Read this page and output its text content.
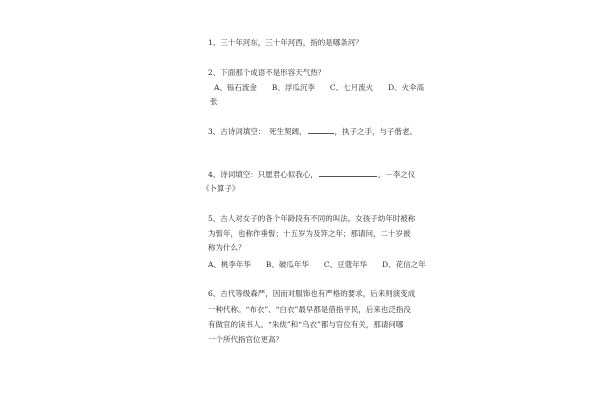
1、三十年河东，三十年河西，指的是哪条河？
2、下面那个成语不是形容天气热？
A、铄石流金　　B、浮瓜沉李　　C、七月流火　　D、火伞高
张
3、古诗词填空：　死生契阔，	，执子之手，与子偕老。
4、诗词填空：只愿君心似我心，	。－李之仪
《卜算子》
5、古人对女子的各个年龄段有不同的叫法。女孩子幼年时被称
为髫年，也称作垂髫；十五岁为及笄之年；那请问，二十岁被
称为什么？
A、桃李年华　　B、破瓜年华　　C、豆蔻年华　　D、花信之年
6、古代等级森严，因而对服饰也有严格的要求，后来则演变成
一种代称。“布衣”、“白衣”最早都是借指平民，后来也泛指没
有做官的读书人。“朱绂”和“乌衣”都与官位有关，那请问哪
一个所代指官位更高？
